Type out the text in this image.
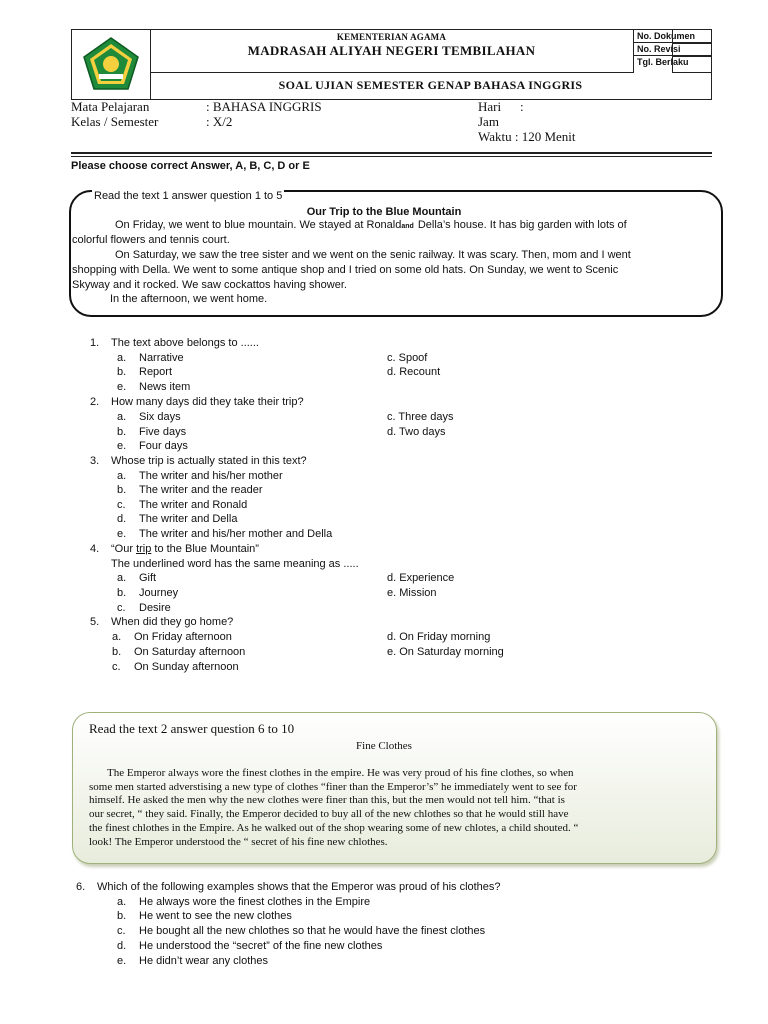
KEMENTERIAN AGAMA
MADRASAH ALIYAH NEGERI TEMBILAHAN
No. Dokumen
No. Revisi
Tgl. Berlaku
SOAL UJIAN SEMESTER GENAP BAHASA INGGRIS
Mata Pelajaran	: BAHASA INGGRIS
Kelas / Semester	: X/2
Hari :
Jam
Waktu : 120 Menit
Please choose correct Answer, A, B, C, D or E
Read the text 1 answer question 1 to 5
Our Trip to the Blue Mountain
On Friday, we went to blue mountain. We stayed at Ronaldand Della’s house. It has big garden with lots of
colorful flowers and tennis court.
On Saturday, we saw the tree sister and we went on the senic railway. It was scary. Then, mom and I went
shopping with Della. We went to some antique shop and I tried on some old hats. On Sunday, we went to Scenic
Skyway and it rocked. We saw cockattos having shower.
In the afternoon, we went home.
1. The text above belongs to ......
a. Narrative
b. Report
e. News item
c. Spoof
d. Recount
2. How many days did they take their trip?
a. Six days
b. Five days
e. Four days
c. Three days
d. Two days
3. Whose trip is actually stated in this text?
a. The writer and his/her mother
b. The writer and the reader
c. The writer and Ronald
d. The writer and Della
e. The writer and his/her mother and Della
4. “Our trip to the Blue Mountain”
The underlined word has the same meaning as .....
a. Gift
b. Journey
c. Desire
d. Experience
e. Mission
5. When did they go home?
a. On Friday afternoon
b. On Saturday afternoon
c. On Sunday afternoon
d. On Friday morning
e. On Saturday morning
Read the text 2 answer question 6 to 10
Fine Clothes
The Emperor always wore the finest clothes in the empire. He was very proud of his fine clothes, so when
some men started adverstising a new type of clothes “finer than the Emperor’s” he immediately went to see for
himself. He asked the men why the new clothes were finer than this, but the men would not tell him. “that is
our secret, “ they said. Finally, the Emperor decided to buy all of the new chlothes so that he would still have
the finest chlothes in the Empire. As he walked out of the shop wearing some of new chlotes, a child shouted. “
look! The Emperor understood the “ secret of his fine new chlothes.
6. Which of the following examples shows that the Emperor was proud of his clothes?
a. He always wore the finest clothes in the Empire
b. He went to see the new clothes
c. He bought all the new chlothes so that he would have the finest clothes
d. He understood the “secret” of the fine new clothes
e. He didn’t wear any clothes
